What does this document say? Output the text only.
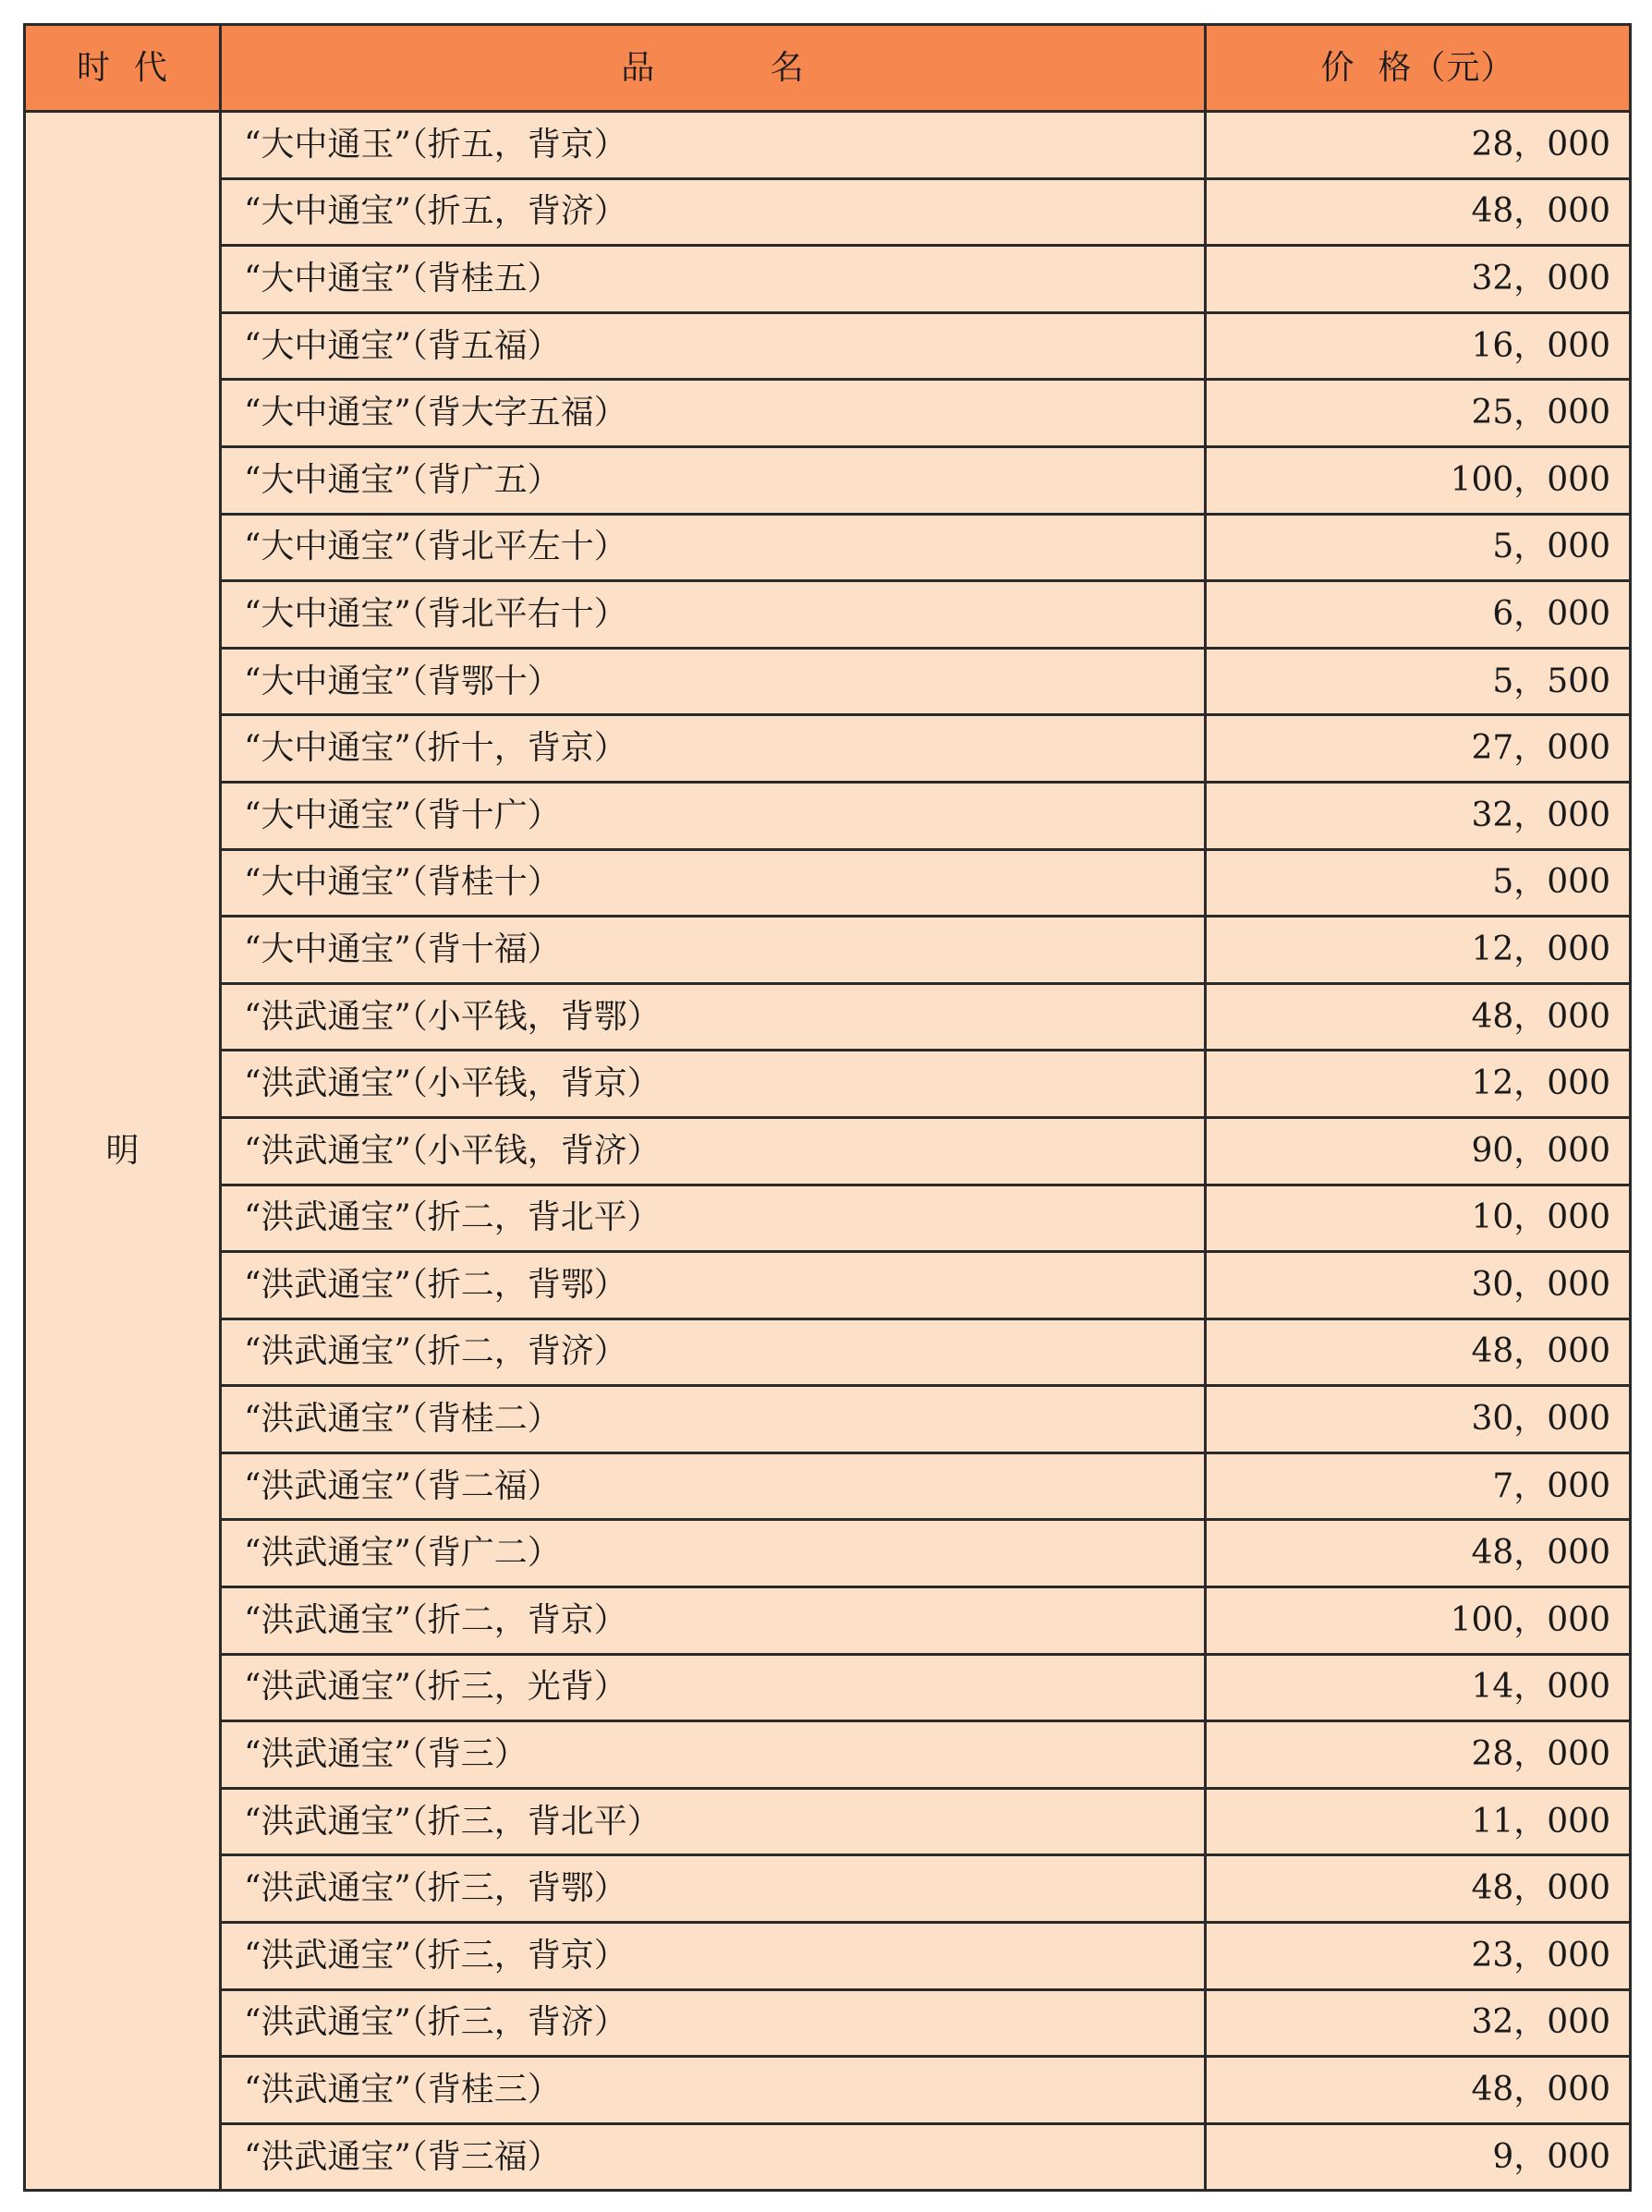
时  代	品          名	价  格（元）
明	“大中通玉”（折五，背京）	28，000
	“大中通宝”（折五，背济）	48，000
	“大中通宝”（背桂五）	32，000
	“大中通宝”（背五福）	16，000
	“大中通宝”（背大字五福）	25，000
	“大中通宝”（背广五）	100，000
	“大中通宝”（背北平左十）	5，000
	“大中通宝”（背北平右十）	6，000
	“大中通宝”（背鄂十）	5，500
	“大中通宝”（折十，背京）	27，000
	“大中通宝”（背十广）	32，000
	“大中通宝”（背桂十）	5，000
	“大中通宝”（背十福）	12，000
	“洪武通宝”（小平钱，背鄂）	48，000
	“洪武通宝”（小平钱，背京）	12，000
	“洪武通宝”（小平钱，背济）	90，000
	“洪武通宝”（折二，背北平）	10，000
	“洪武通宝”（折二，背鄂）	30，000
	“洪武通宝”（折二，背济）	48，000
	“洪武通宝”（背桂二）	30，000
	“洪武通宝”（背二福）	7，000
	“洪武通宝”（背广二）	48，000
	“洪武通宝”（折二，背京）	100，000
	“洪武通宝”（折三，光背）	14，000
	“洪武通宝”（背三）	28，000
	“洪武通宝”（折三，背北平）	11，000
	“洪武通宝”（折三，背鄂）	48，000
	“洪武通宝”（折三，背京）	23，000
	“洪武通宝”（折三，背济）	32，000
	“洪武通宝”（背桂三）	48，000
	“洪武通宝”（背三福）	9，000
